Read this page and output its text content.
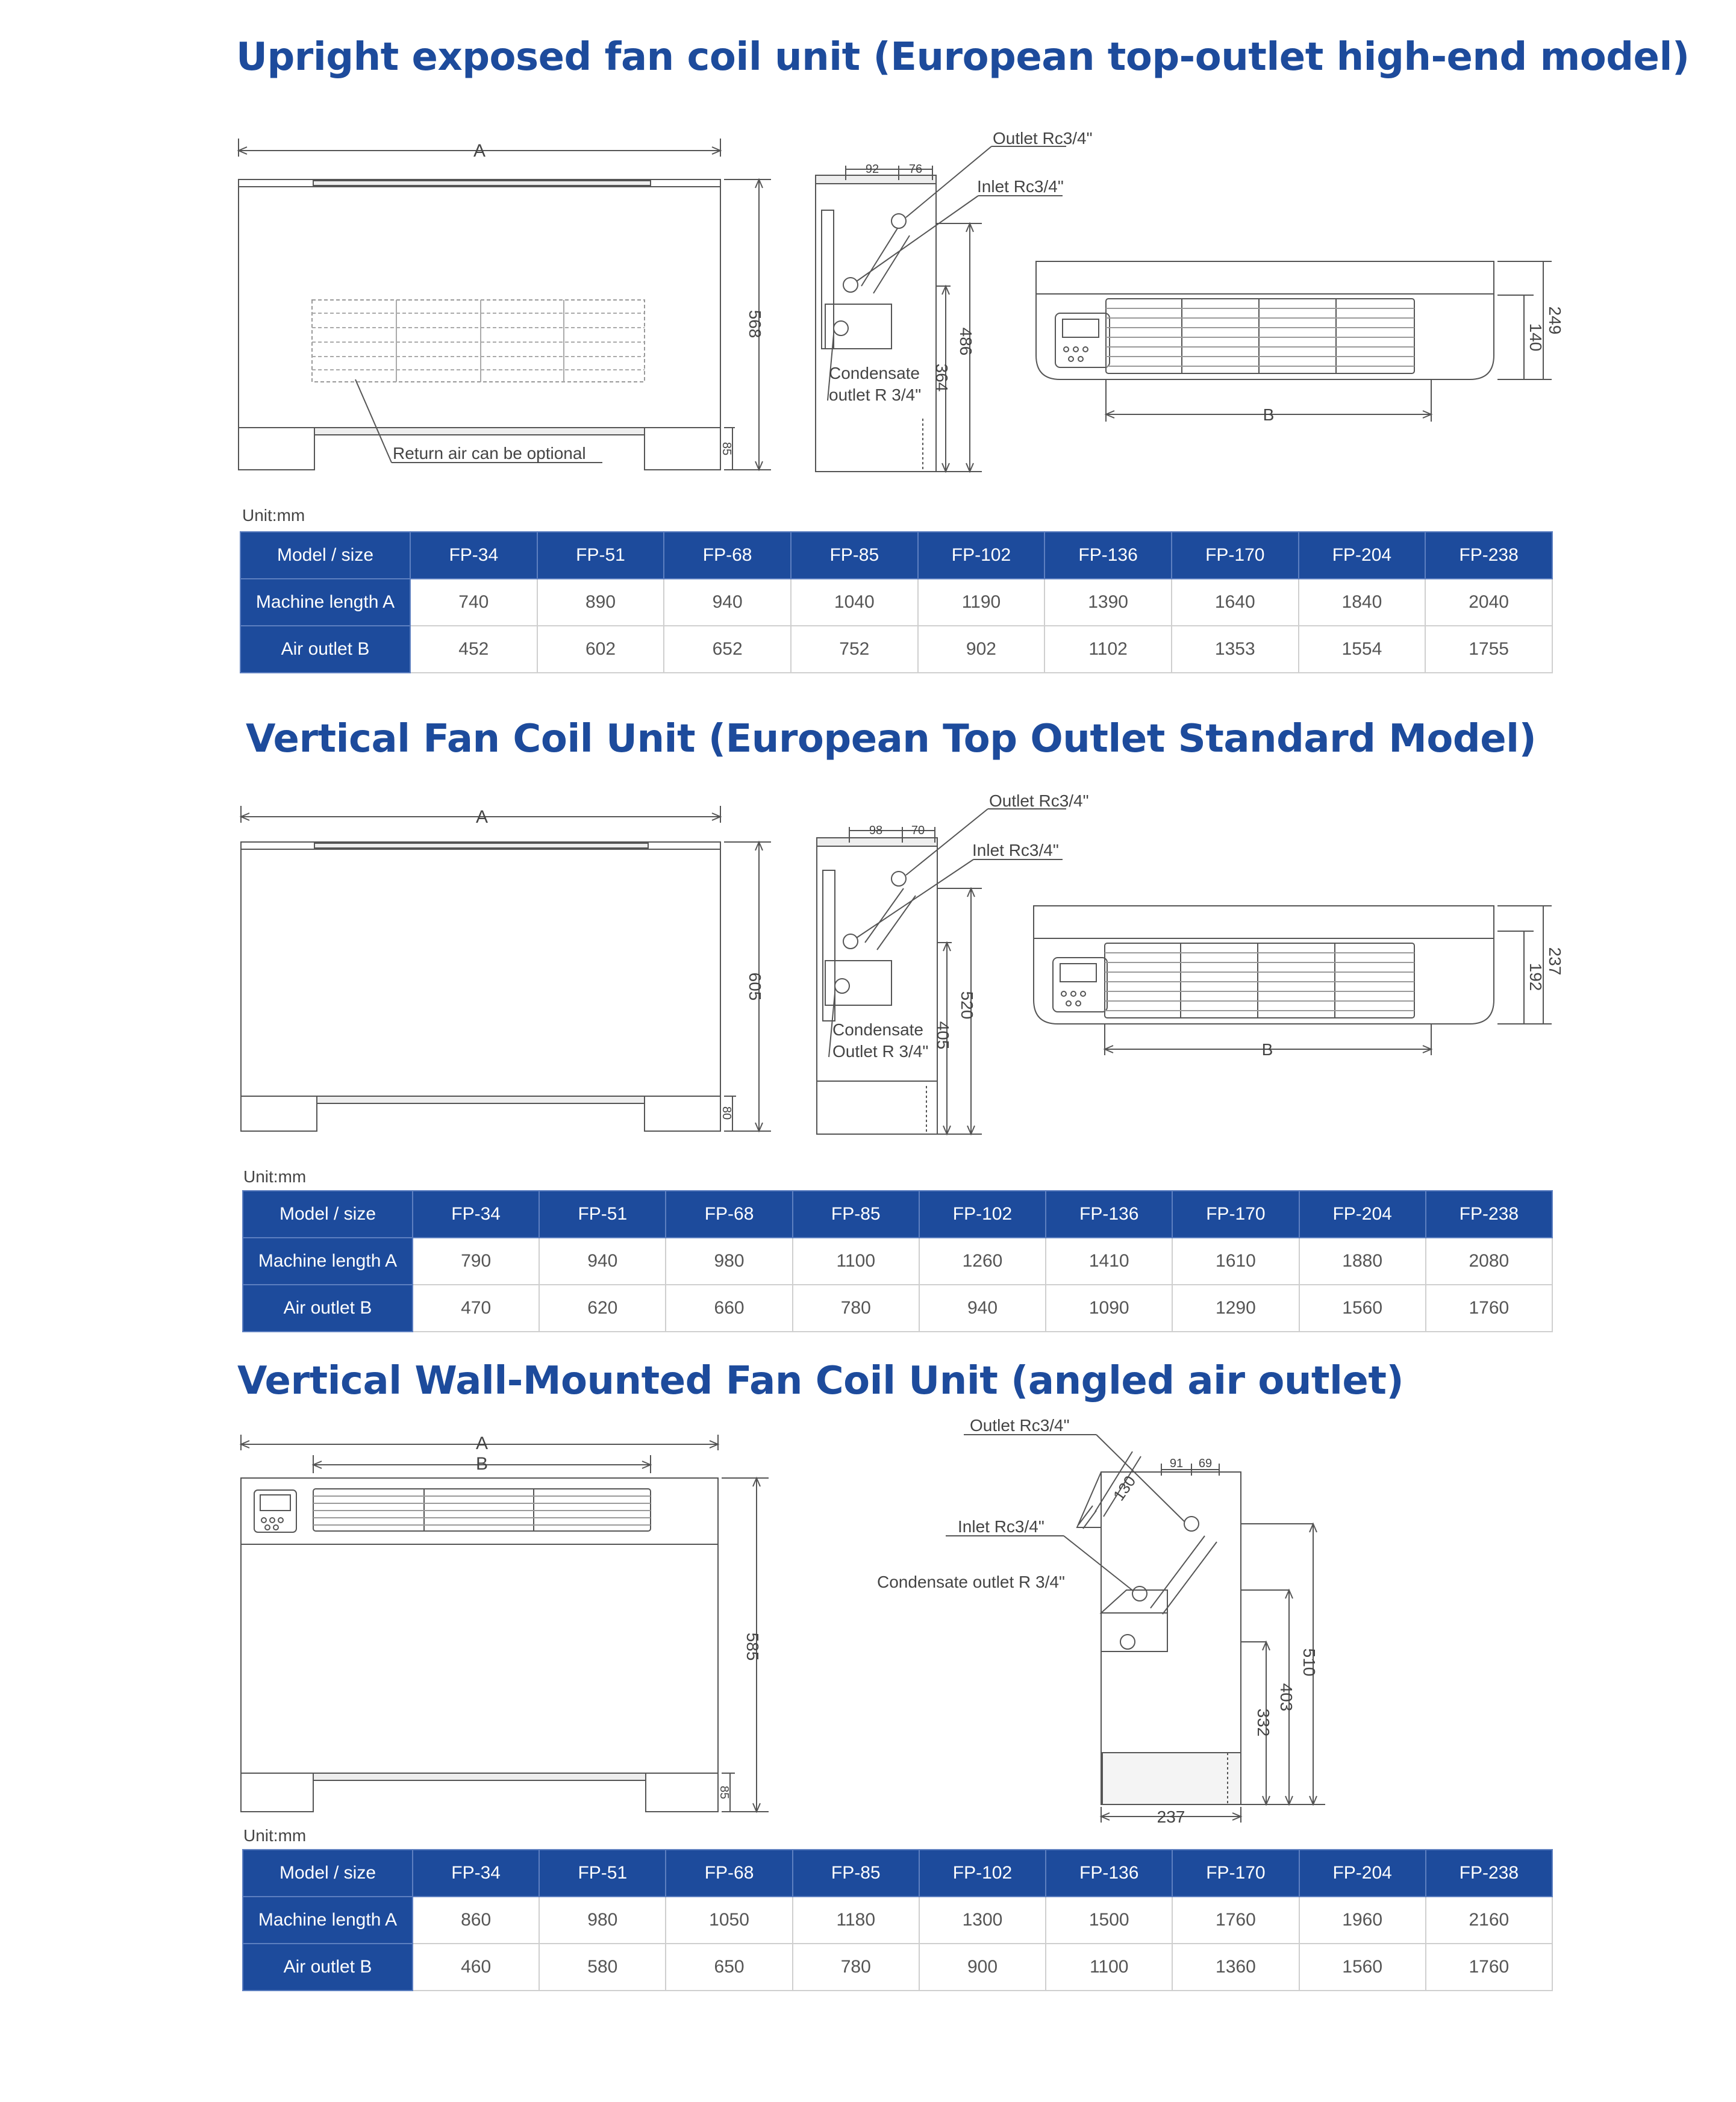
Upright exposed fan coil unit (European top-outlet high-end model)
A
568
85
Return air can be optional
92 76
Outlet Rc3/4"
Inlet Rc3/4"
Condensate
outlet R 3/4"
486
364
B
249
140
Unit:mm
Model / size	FP-34	FP-51	FP-68	FP-85	FP-102	FP-136	FP-170	FP-204	FP-238
Machine length A	740	890	940	1040	1190	1390	1640	1840	2040
Air outlet B	452	602	652	752	902	1102	1353	1554	1755
Vertical Fan Coil Unit (European Top Outlet Standard Model)
A
605
80
98 70
Outlet Rc3/4"
Inlet Rc3/4"
Condensate
Outlet R 3/4"
520
405
B
237
192
Unit:mm
Model / size	FP-34	FP-51	FP-68	FP-85	FP-102	FP-136	FP-170	FP-204	FP-238
Machine length A	790	940	980	1100	1260	1410	1610	1880	2080
Air outlet B	470	620	660	780	940	1090	1290	1560	1760
Vertical Wall-Mounted Fan Coil Unit (angled air outlet)
A
B
585
85
Outlet Rc3/4"
Inlet Rc3/4"
Condensate outlet R 3/4"
130
91 69
510
403
332
237
Unit:mm
Model / size	FP-34	FP-51	FP-68	FP-85	FP-102	FP-136	FP-170	FP-204	FP-238
Machine length A	860	980	1050	1180	1300	1500	1760	1960	2160
Air outlet B	460	580	650	780	900	1100	1360	1560	1760
